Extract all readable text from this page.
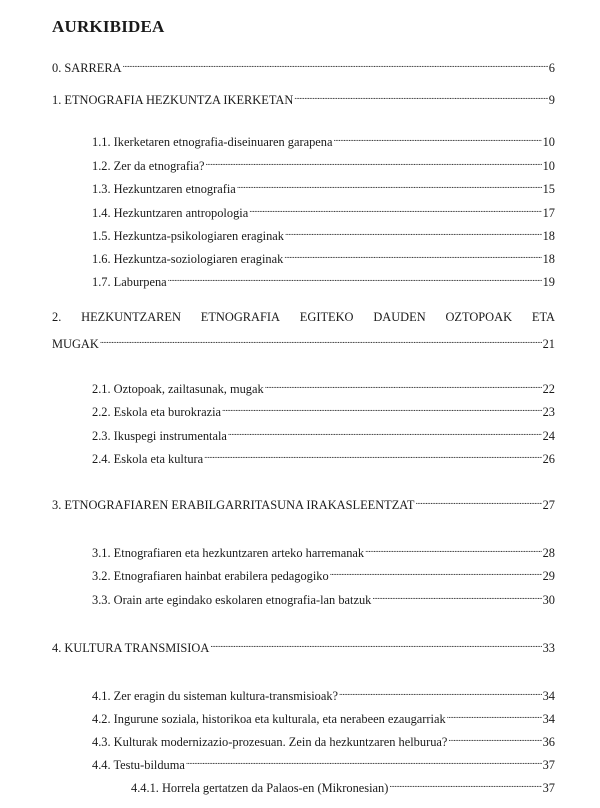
AURKIBIDEA
0. SARRERA .....	6
1. ETNOGRAFIA HEZKUNTZA IKERKETAN .....	9
1.1. Ikerketaren etnografia-diseinuaren garapena .....	10
1.2. Zer da etnografia? .....	10
1.3. Hezkuntzaren etnografia .....	15
1.4. Hezkuntzaren antropologia .....	17
1.5. Hezkuntza-psikologiaren eraginak .....	18
1.6. Hezkuntza-soziologiaren eraginak .....	18
1.7. Laburpena .....	19
2. HEZKUNTZAREN ETNOGRAFIA EGITEKO DAUDEN OZTOPOAK ETA
MUGAK .....	21
2.1. Oztopoak, zailtasunak, mugak .....	22
2.2. Eskola eta burokrazia .....	23
2.3. Ikuspegi instrumentala .....	24
2.4. Eskola eta kultura .....	26
3. ETNOGRAFIAREN ERABILGARRITASUNA IRAKASLEENTZAT .....	27
3.1. Etnografiaren eta hezkuntzaren arteko harremanak .....	28
3.2. Etnografiaren hainbat erabilera pedagogiko .....	29
3.3. Orain arte egindako eskolaren etnografia-lan batzuk .....	30
4. KULTURA TRANSMISIOA .....	33
4.1. Zer eragin du sisteman kultura-transmisioak? .....	34
4.2. Ingurune soziala, historikoa eta kulturala, eta nerabeen ezaugarriak .....	34
4.3. Kulturak modernizazio-prozesuan. Zein da hezkuntzaren helburua? .....	36
4.4. Testu-bilduma .....	37
4.4.1. Horrela gertatzen da Palaos-en (Mikronesian) .....	37
